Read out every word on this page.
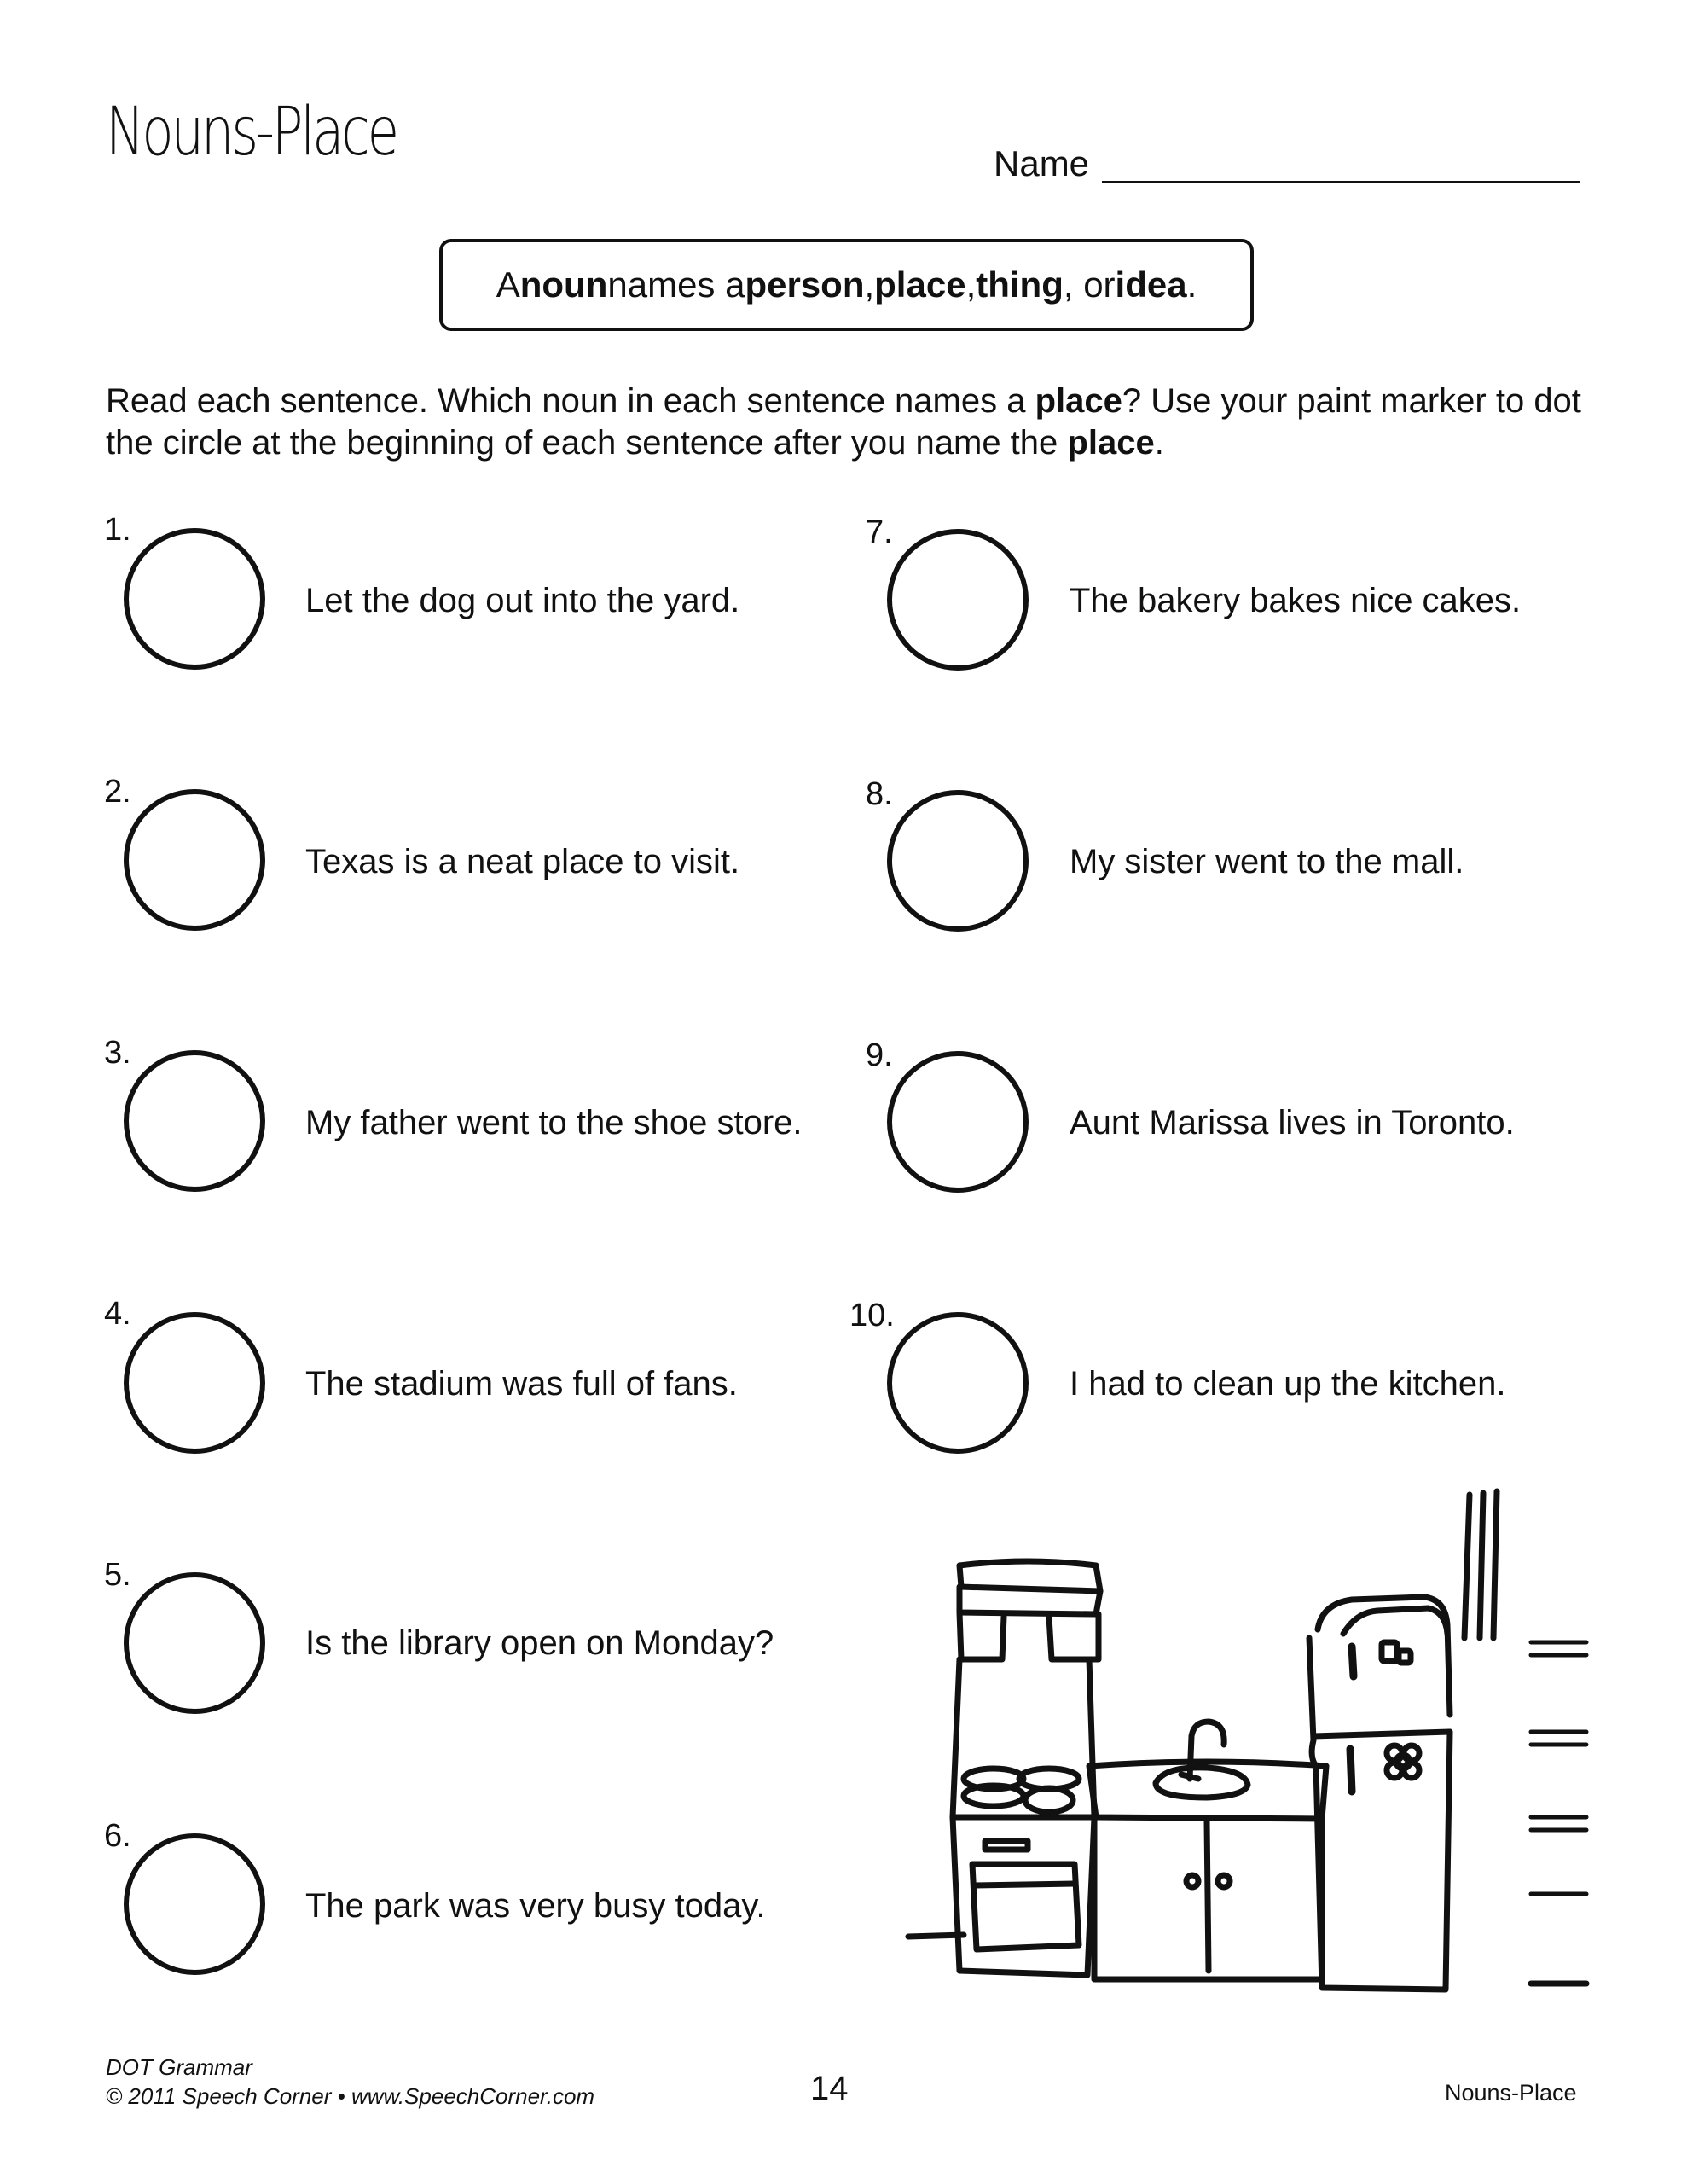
Nouns-Place	Name
A noun names a person , place , thing , or idea .
Read each sentence. Which noun in each sentence names a place? Use your paint marker to dot the circle at the beginning of each sentence after you name the place.
1.
Let the dog out into the yard.
2.
Texas is a neat place to visit.
3.
My father went to the shoe store.
4.
The stadium was full of fans.
5.
Is the library open on Monday?
6.
The park was very busy today.
7.
The bakery bakes nice cakes.
8.
My sister went to the mall.
9.
Aunt Marissa lives in Toronto.
10.
I had to clean up the kitchen.
DOT Grammar
© 2011 Speech Corner • www.SpeechCorner.com	14	Nouns-Place
